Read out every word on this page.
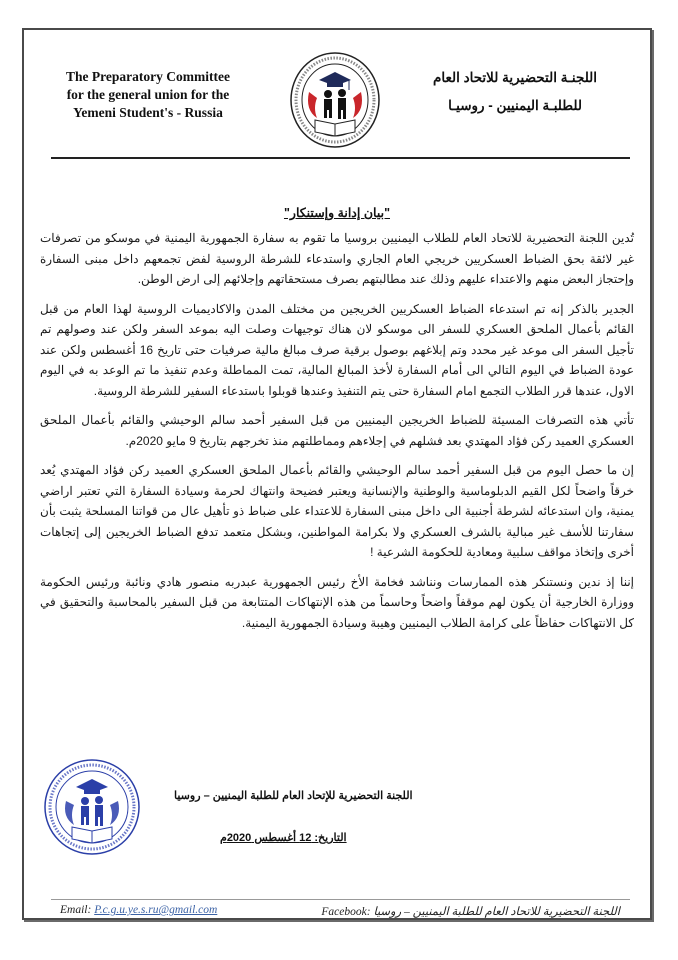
The Preparatory Committee
for the general union for the
Yemeni Student's - Russia
اللجنـة التحضيرية للاتحاد العام
للطلبـة اليمنيين - روسيـا
"بيان إدانة وإستنكار"

تُدين اللجنة التحضيرية للاتحاد العام للطلاب اليمنيين بروسيا ما تقوم به سفارة الجمهورية اليمنية في موسكو من تصرفات غير لائقة بحق الضباط العسكريين خريجي العام الجاري واستدعاء للشرطة الروسية لفض تجمعهم داخل مبنى السفارة وإحتجاز البعض منهم والاعتداء عليهم وذلك عند مطالبتهم بصرف مستحقاتهم وإجلائهم إلى ارض الوطن.

الجدير بالذكر إنه تم استدعاء الضباط العسكريين الخريجين من مختلف المدن والاكاديميات الروسية لهذا العام من قبل القائم بأعمال الملحق العسكري للسفر الى موسكو لان هناك توجيهات وصلت اليه بموعد السفر ولكن عند وصولهم تم تأجيل السفر الى موعد غير محدد وتم إبلاغهم بوصول برقية صرف مبالغ مالية صرفيات حتى تاريخ 16 أغسطس ولكن عند عودة الضباط في اليوم التالي الى أمام السفارة لأخذ المبالغ المالية، تمت المماطلة وعدم تنفيذ ما تم الوعد به في اليوم الاول، عندها قرر الطلاب التجمع امام السفارة حتى يتم التنفيذ وعندها قوبلوا باستدعاء السفير للشرطة الروسية.

تأتي هذه التصرفات المسيئة للضباط الخريجين اليمنيين من قبل السفير أحمد سالم الوحيشي والقائم بأعمال الملحق العسكري العميد ركن فؤاد المهتدي بعد فشلهم في إجلاءهم ومماطلتهم منذ تخرجهم بتاريخ 9 مايو 2020م.

إن ما حصل اليوم من قبل السفير أحمد سالم الوحيشي والقائم بأعمال الملحق العسكري العميد ركن فؤاد المهتدي يُعد خرقاً واضحاً لكل القيم الدبلوماسية والوطنية والإنسانية ويعتبر فضيحة وانتهاك لحرمة وسيادة السفارة التي تعتبر اراضي يمنية، وان استدعائه لشرطة أجنبية الى داخل مبنى السفارة للاعتداء على ضباط ذو تأهيل عال من قواتنا المسلحة يثبت بأن سفارتنا للأسف غير مبالية بالشرف العسكري ولا بكرامة المواطنين، وبشكل متعمد تدفع الضباط الخريجين إلى إتجاهات أخرى وإتخاذ مواقف سلبية ومعادية للحكومة الشرعية !

إننا إذ ندين ونستنكر هذه الممارسات ونناشد فخامة الأخ رئيس الجمهورية عبدربه منصور هادي ونائبة ورئيس الحكومة ووزارة الخارجية أن يكون لهم موقفاً واضحاً وحاسماً من هذه الإنتهاكات المتتابعة من قبل السفير بالمحاسبة والتحقيق في كل الانتهاكات حفاظاً على كرامة الطلاب اليمنيين وهيبة وسيادة الجمهورية اليمنية.

اللجنة التحضيرية للإتحاد العام للطلبة اليمنيين – روسيا
التاريخ: 12 أغسطس 2020م
Email: P.c.g.u.ye.s.ru@gmail.com	Facebook: اللجنة التحضيرية للاتحاد العام للطلبة اليمنيين – روسيا
